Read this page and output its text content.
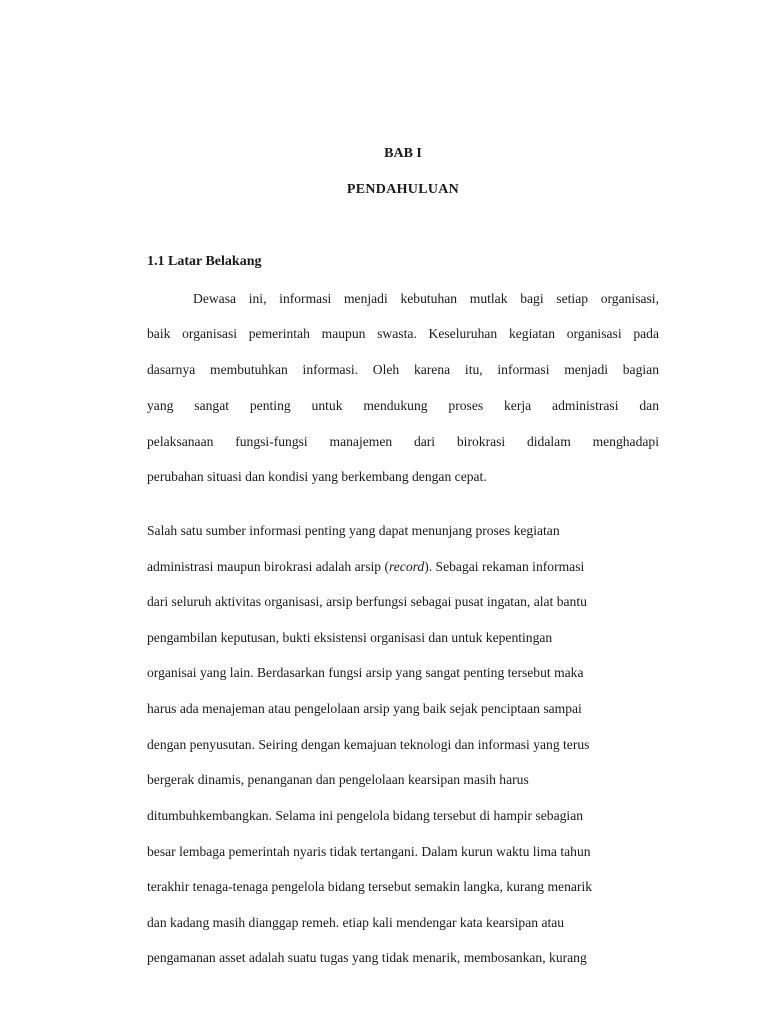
BAB I
PENDAHULUAN
1.1 Latar Belakang
Dewasa ini, informasi menjadi kebutuhan mutlak bagi setiap organisasi,
baik organisasi pemerintah maupun swasta. Keseluruhan kegiatan organisasi pada
dasarnya membutuhkan informasi. Oleh karena itu, informasi menjadi bagian
yang sangat penting untuk mendukung proses kerja administrasi dan
pelaksanaan fungsi-fungsi manajemen dari birokrasi didalam menghadapi
perubahan situasi dan kondisi yang berkembang dengan cepat.
Salah satu sumber informasi penting yang dapat menunjang proses kegiatan
administrasi maupun birokrasi adalah arsip (record). Sebagai rekaman informasi
dari seluruh aktivitas organisasi, arsip berfungsi sebagai pusat ingatan, alat bantu
pengambilan keputusan, bukti eksistensi organisasi dan untuk kepentingan
organisai yang lain. Berdasarkan fungsi arsip yang sangat penting tersebut maka
harus ada menajeman atau pengelolaan arsip yang baik sejak penciptaan sampai
dengan penyusutan. Seiring dengan kemajuan teknologi dan informasi yang terus
bergerak dinamis, penanganan dan pengelolaan kearsipan masih harus
ditumbuhkembangkan. Selama ini pengelola bidang tersebut di hampir sebagian
besar lembaga pemerintah nyaris tidak tertangani. Dalam kurun waktu lima tahun
terakhir tenaga-tenaga pengelola bidang tersebut semakin langka, kurang menarik
dan kadang masih dianggap remeh. etiap kali mendengar kata kearsipan atau
pengamanan asset adalah suatu tugas yang tidak menarik, membosankan, kurang
